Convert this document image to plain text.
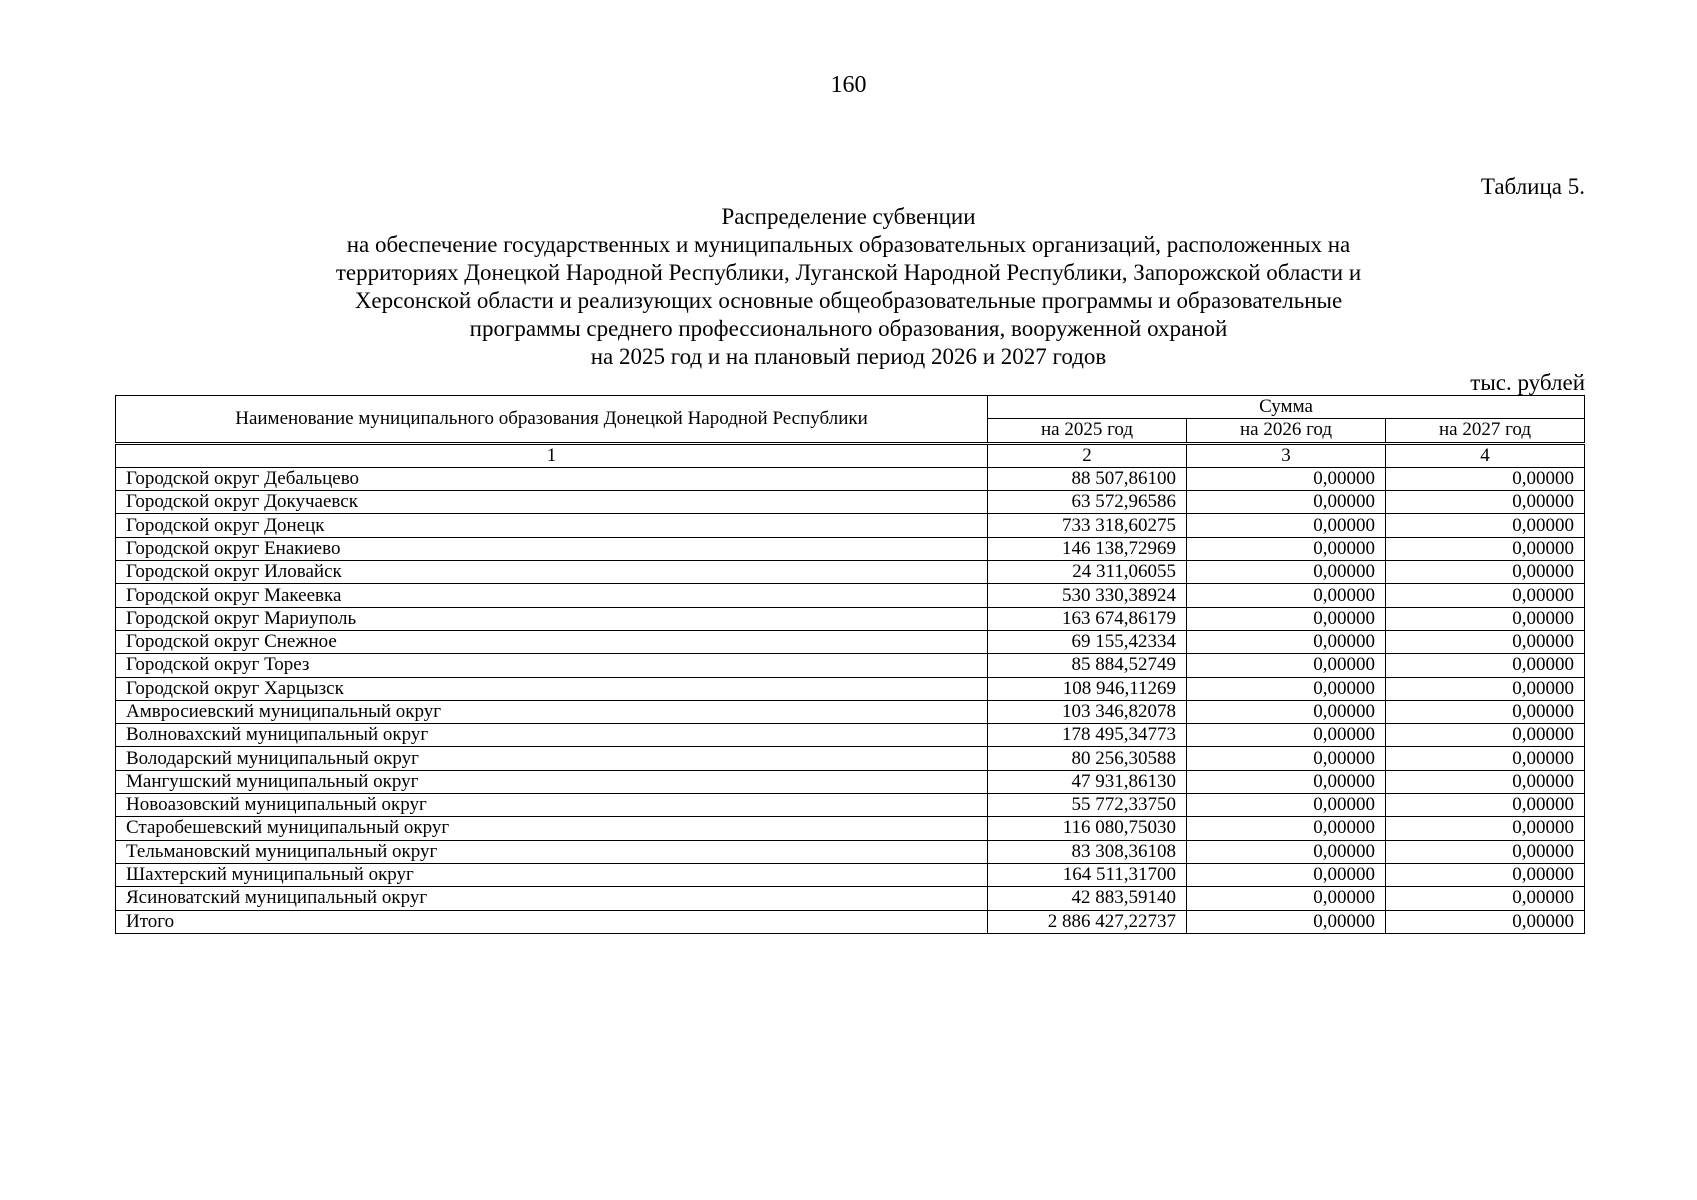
160
Таблица 5.
Распределение субвенции
на обеспечение государственных и муниципальных образовательных организаций, расположенных на
территориях Донецкой Народной Республики, Луганской Народной Республики, Запорожской области и
Херсонской области и реализующих основные общеобразовательные программы и образовательные
программы среднего профессионального образования, вооруженной охраной
на 2025 год и на плановый период 2026 и 2027 годов
тыс. рублей
Наименование муниципального образования Донецкой Народной Республики	Сумма		
	на 2025 год	на 2026 год	на 2027 год
1	2	3	4
Городской округ Дебальцево	88 507,86100	0,00000	0,00000
Городской округ Докучаевск	63 572,96586	0,00000	0,00000
Городской округ Донецк	733 318,60275	0,00000	0,00000
Городской округ Енакиево	146 138,72969	0,00000	0,00000
Городской округ Иловайск	24 311,06055	0,00000	0,00000
Городской округ Макеевка	530 330,38924	0,00000	0,00000
Городской округ Мариуполь	163 674,86179	0,00000	0,00000
Городской округ Снежное	69 155,42334	0,00000	0,00000
Городской округ Торез	85 884,52749	0,00000	0,00000
Городской округ Харцызск	108 946,11269	0,00000	0,00000
Амвросиевский муниципальный округ	103 346,82078	0,00000	0,00000
Волновахский муниципальный округ	178 495,34773	0,00000	0,00000
Володарский муниципальный округ	80 256,30588	0,00000	0,00000
Мангушский муниципальный округ	47 931,86130	0,00000	0,00000
Новоазовский муниципальный округ	55 772,33750	0,00000	0,00000
Старобешевский муниципальный округ	116 080,75030	0,00000	0,00000
Тельмановский муниципальный округ	83 308,36108	0,00000	0,00000
Шахтерский муниципальный округ	164 511,31700	0,00000	0,00000
Ясиноватский муниципальный округ	42 883,59140	0,00000	0,00000
Итого	2 886 427,22737	0,00000	0,00000
